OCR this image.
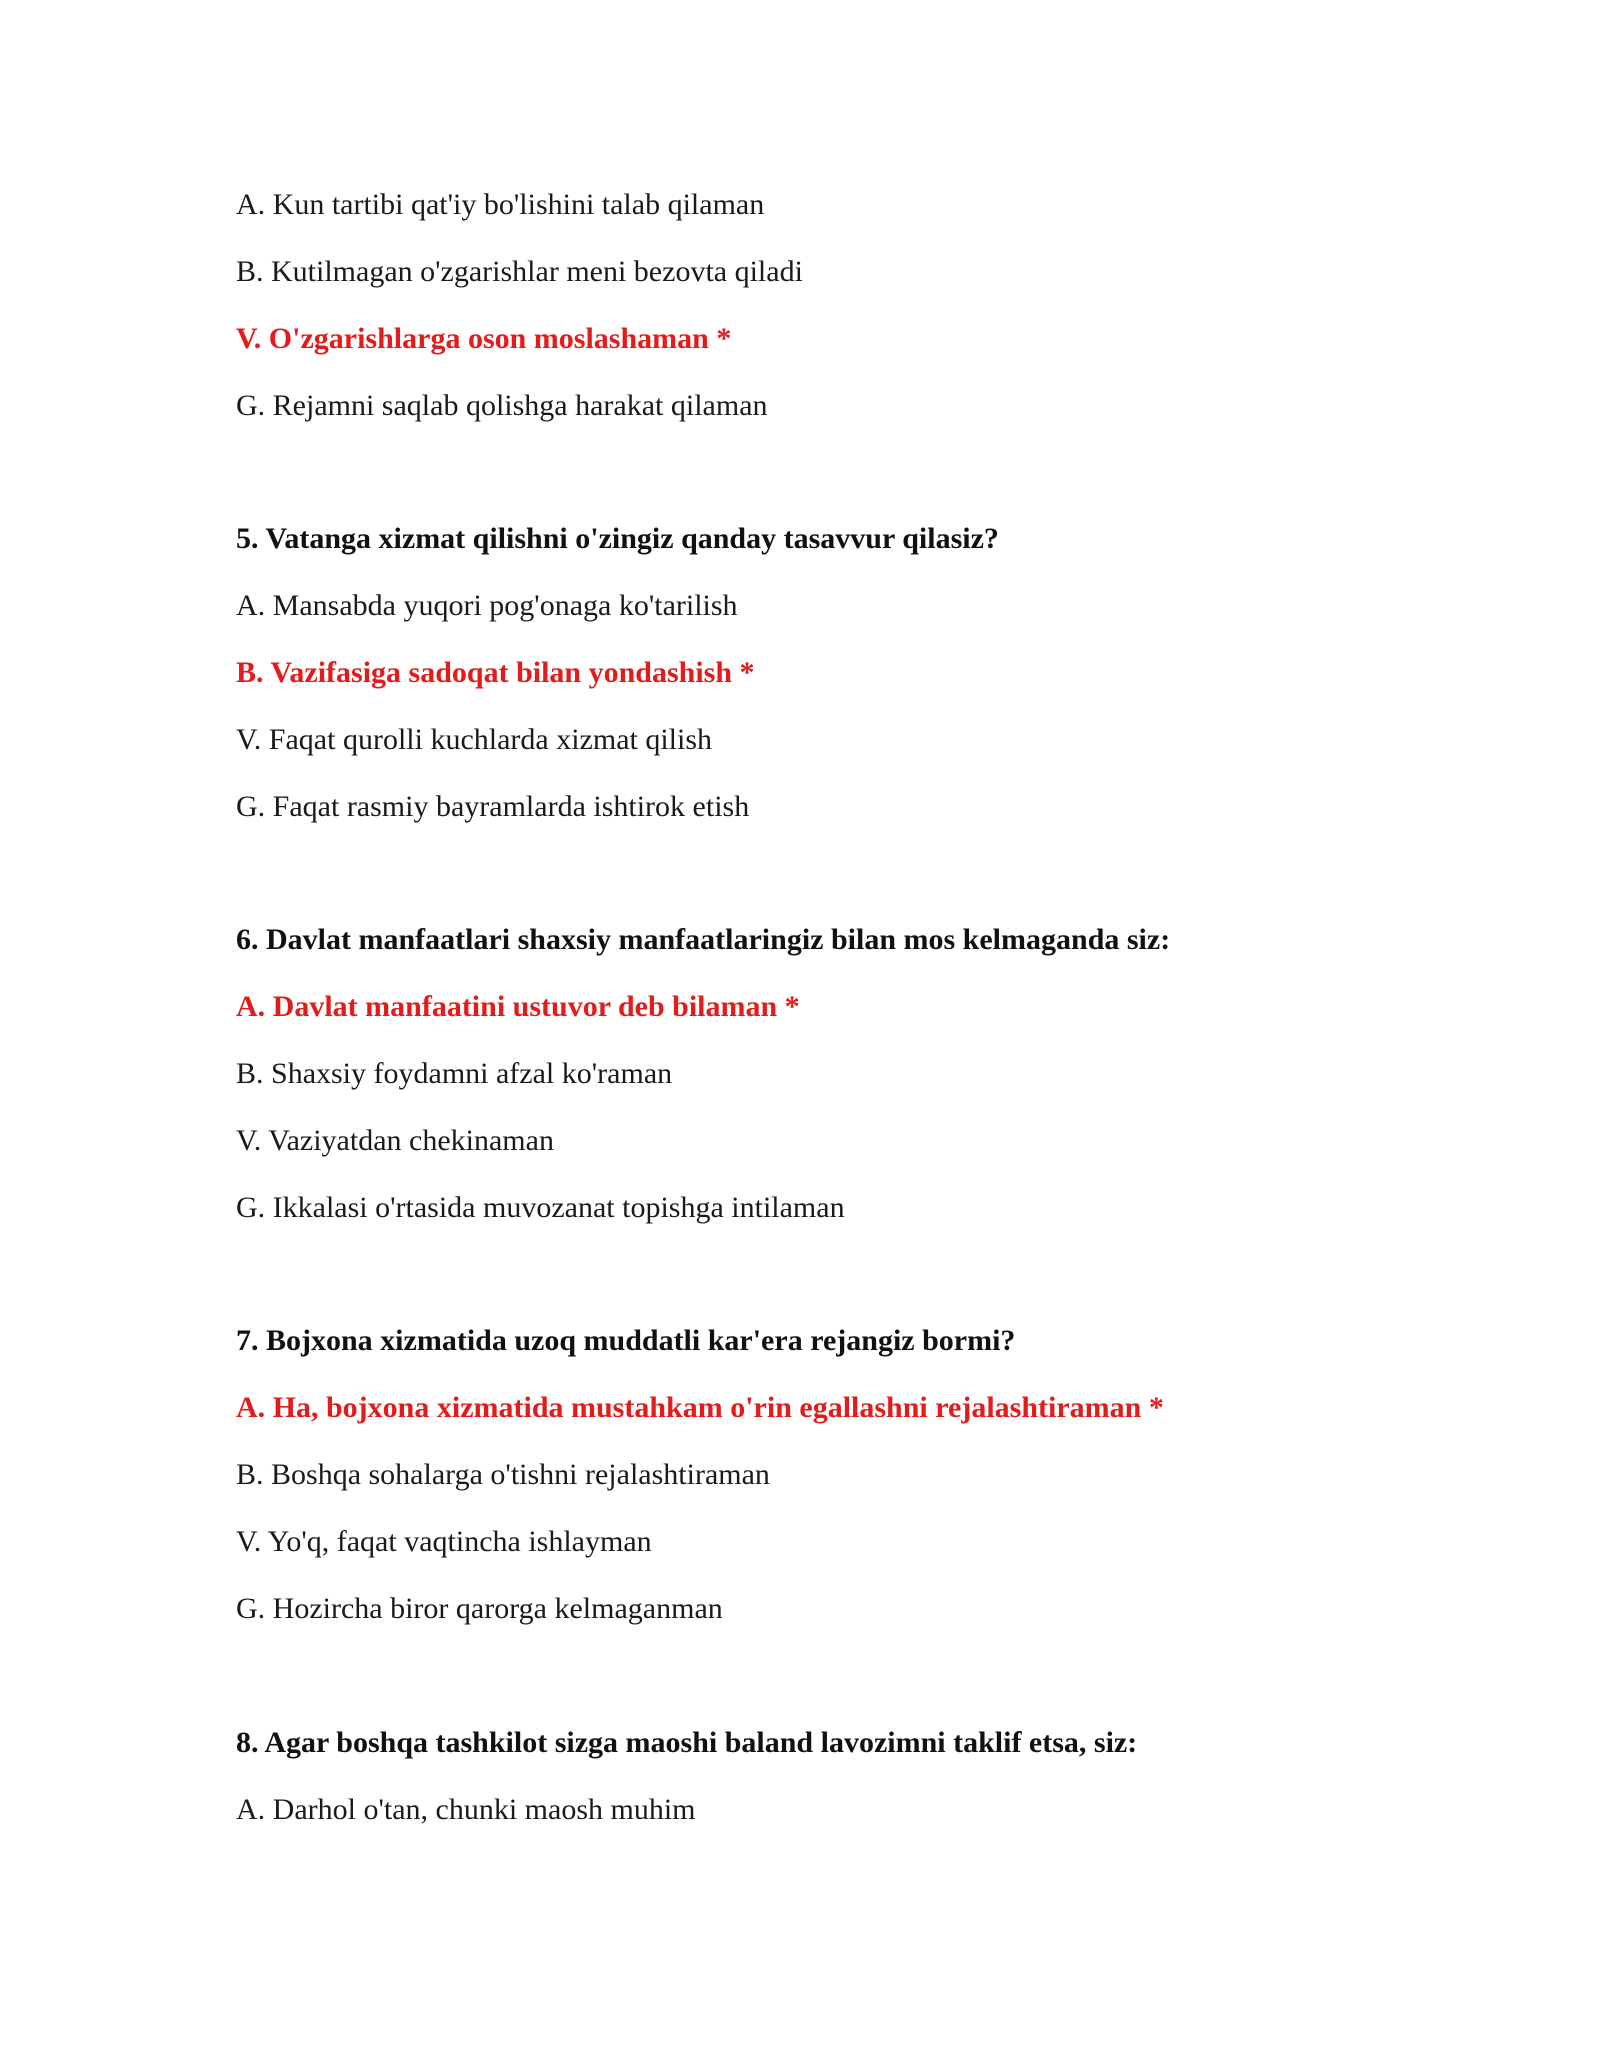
A. Kun tartibi qat'iy bo'lishini talab qilaman
B. Kutilmagan o'zgarishlar meni bezovta qiladi
V. O'zgarishlarga oson moslashaman *
G. Rejamni saqlab qolishga harakat qilaman
5. Vatanga xizmat qilishni o'zingiz qanday tasavvur qilasiz?
A. Mansabda yuqori pog'onaga ko'tarilish
B. Vazifasiga sadoqat bilan yondashish *
V. Faqat qurolli kuchlarda xizmat qilish
G. Faqat rasmiy bayramlarda ishtirok etish
6. Davlat manfaatlari shaxsiy manfaatlaringiz bilan mos kelmaganda siz:
A. Davlat manfaatini ustuvor deb bilaman *
B. Shaxsiy foydamni afzal ko'raman
V. Vaziyatdan chekinaman
G. Ikkalasi o'rtasida muvozanat topishga intilaman
7. Bojxona xizmatida uzoq muddatli kar'era rejangiz bormi?
A. Ha, bojxona xizmatida mustahkam o'rin egallashni rejalashtiraman *
B. Boshqa sohalarga o'tishni rejalashtiraman
V. Yo'q, faqat vaqtincha ishlayman
G. Hozircha biror qarorga kelmaganman
8. Agar boshqa tashkilot sizga maoshi baland lavozimni taklif etsa, siz:
A. Darhol o'tan, chunki maosh muhim
